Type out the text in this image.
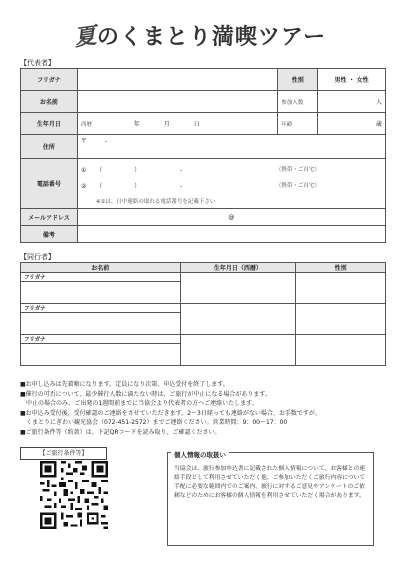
夏のくまとり満喫ツアー
【代表者】
フリガナ		性別	男性 ・ 女性
お名前		参加人数	人
生年月日	西暦 年 月 日	年齢	歳
住所	〒 -		
電話番号	① （ ） - （携帯・ご自宅）
② （ ） - （携帯・ご自宅）
※①は、日中連絡の取れる電話番号を記載下さい		

メールアドレス	@		
備考			
【同行者】
お名前	生年月日（西暦）	性別
フリガナ		

フリガナ		

フリガナ		

■お申し込みは先着順になります。定員になり次第、申込受付を終了します。

■催行の可否について、最少催行人数に満たない時は、ご旅行が中止になる場合があります。

　中止の場合のみ、ご出発の1週間前までに当協会より代表者の方へご連絡いたします。

■お申込み受付後、受付確認のご連絡をさせていただきます。2～3日経っても連絡がない場合、お手数ですが、

　くまとりにぎわい観光協会（072-451-2572）までご連絡ください。営業時間：9：00～17：00

■ご旅行条件等（約款）は、下記QRコードを読み取り、ご確認ください。

【ご旅行条件等】	個人情報の取扱い
当協会は、旅行参加申込書に記載された個人情報について、お客様との連絡手段として利用させていただく他、ご参加いただくご旅行内容について手配に必要な範囲内でのご案内、旅行に対するご意見やアンケートのご依頼などのためにお客様の個人情報を利用させていただく場合があります。
